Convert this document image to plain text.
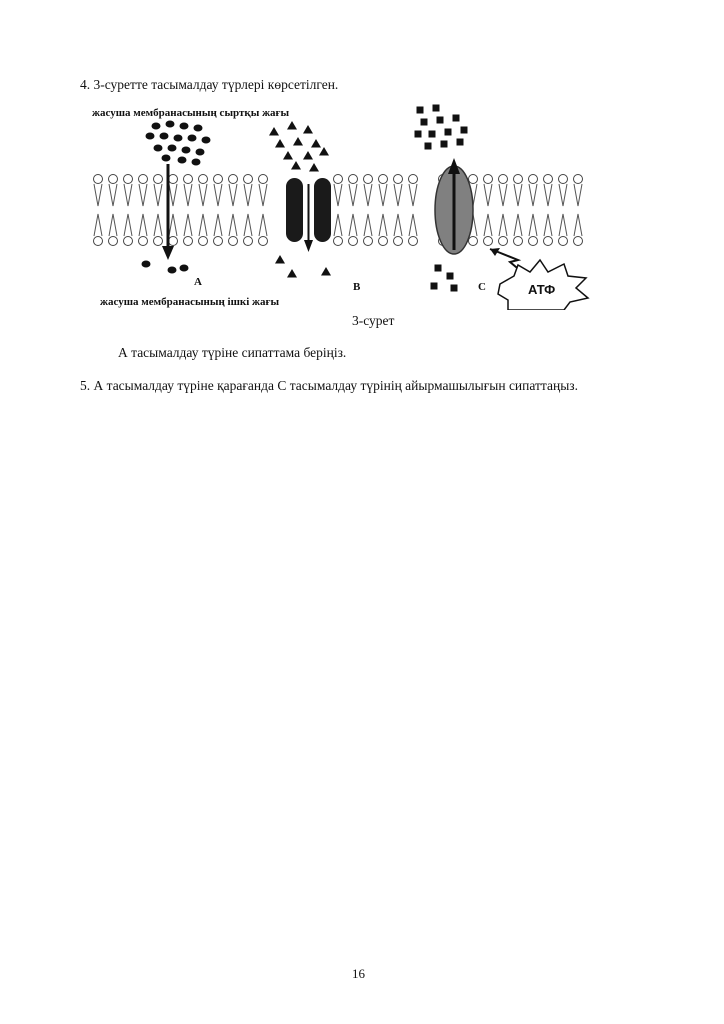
4. 3-суретте тасымалдау түрлері көрсетілген.
АТФ
жасуша мембранасының сыртқы жағы
жасуша мембранасының ішкі жағы
A	B	C
3-сурет
А тасымалдау түріне сипаттама беріңіз.
5. А тасымалдау түріне қарағанда С тасымалдау түрінің айырмашылығын сипаттаңыз.
16
